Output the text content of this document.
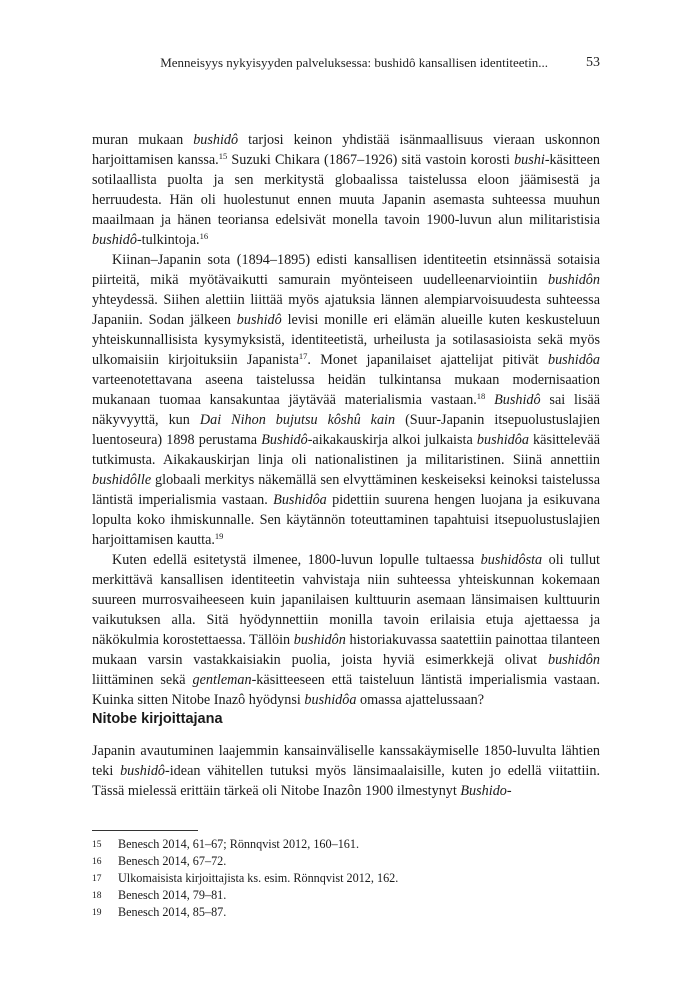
Menneisyys nykyisyyden palveluksessa: bushidô kansallisen identiteetin...	53

muran mukaan bushidô tarjosi keinon yhdistää isänmaallisuus vieraan uskonnon harjoittamisen kanssa.$^{15}$ Suzuki Chikara (1867–1926) sitä vastoin korosti bushi-käsitteen sotilaallista puolta ja sen merkitystä globaalissa taistelussa eloon jäämisestä ja herruudesta. Hän oli huolestunut ennen muuta Japanin asemasta suhteessa muuhun maailmaan ja hänen teoriansa edelsivät monella tavoin 1900-luvun alun militaristisia bushidô-tulkintoja.$^{16}$

Kiinan–Japanin sota (1894–1895) edisti kansallisen identiteetin etsinnässä sotaisia piirteitä, mikä myötävaikutti samurain myönteiseen uudelleenarviointiin bushidôn yhteydessä. Siihen alettiin liittää myös ajatuksia lännen alempiarvoisuudesta suhteessa Japaniin. Sodan jälkeen bushidô levisi monille eri elämän alueille kuten keskusteluun yhteiskunnallisista kysymyksistä, identiteetistä, urheilusta ja sotilasasioista sekä myös ulkomaisiin kirjoituksiin Japanista$^{17}$. Monet japanilaiset ajattelijat pitivät bushidôa varteenotettavana aseena taistelussa heidän tulkintansa mukaan modernisaation mukanaan tuomaa kansakuntaa jäytävää materialismia vastaan.$^{18}$ Bushidô sai lisää näkyvyyttä, kun Dai Nihon bujutsu kôshû kain (Suur-Japanin itsepuolustuslajien luentoseura) 1898 perustama Bushidô-aikakauskirja alkoi julkaista bushidôa käsittelevää tutkimusta. Aikakauskirjan linja oli nationalistinen ja militaristinen. Siinä annettiin bushidôlle globaali merkitys näkemällä sen elvyttäminen keskeiseksi keinoksi taistelussa läntistä imperialismia vastaan. Bushidôa pidettiin suurena hengen luojana ja esikuvana lopulta koko ihmiskunnalle. Sen käytännön toteuttaminen tapahtuisi itsepuolustuslajien harjoittamisen kautta.$^{19}$

Kuten edellä esitetystä ilmenee, 1800-luvun lopulle tultaessa bushidôsta oli tullut merkittävä kansallisen identiteetin vahvistaja niin suhteessa yhteiskunnan kokemaan suureen murrosvaiheeseen kuin japanilaisen kulttuurin asemaan länsimaisen kulttuurin vaikutuksen alla. Sitä hyödynnettiin monilla tavoin erilaisia etuja ajettaessa ja näkökulmia korostettaessa. Tällöin bushidôn historiakuvassa saatettiin painottaa tilanteen mukaan varsin vastakkaisiakin puolia, joista hyviä esimerkkejä olivat bushidôn liittäminen sekä gentleman-käsitteeseen että taisteluun läntistä imperialismia vastaan. Kuinka sitten Nitobe Inazô hyödynsi bushidôa omassa ajattelussaan?

Nitobe kirjoittajana

Japanin avautuminen laajemmin kansainväliselle kanssakäymiselle 1850-luvulta lähtien teki bushidô-idean vähitellen tutuksi myös länsimaalaisille, kuten jo edellä viitattiin. Tässä mielessä erittäin tärkeä oli Nitobe Inazôn 1900 ilmestynyt Bushido-

15	Benesch 2014, 61–67; Rönnqvist 2012, 160–161.
16	Benesch 2014, 67–72.
17	Ulkomaisista kirjoittajista ks. esim. Rönnqvist 2012, 162.
18	Benesch 2014, 79–81.
19	Benesch 2014, 85–87.
